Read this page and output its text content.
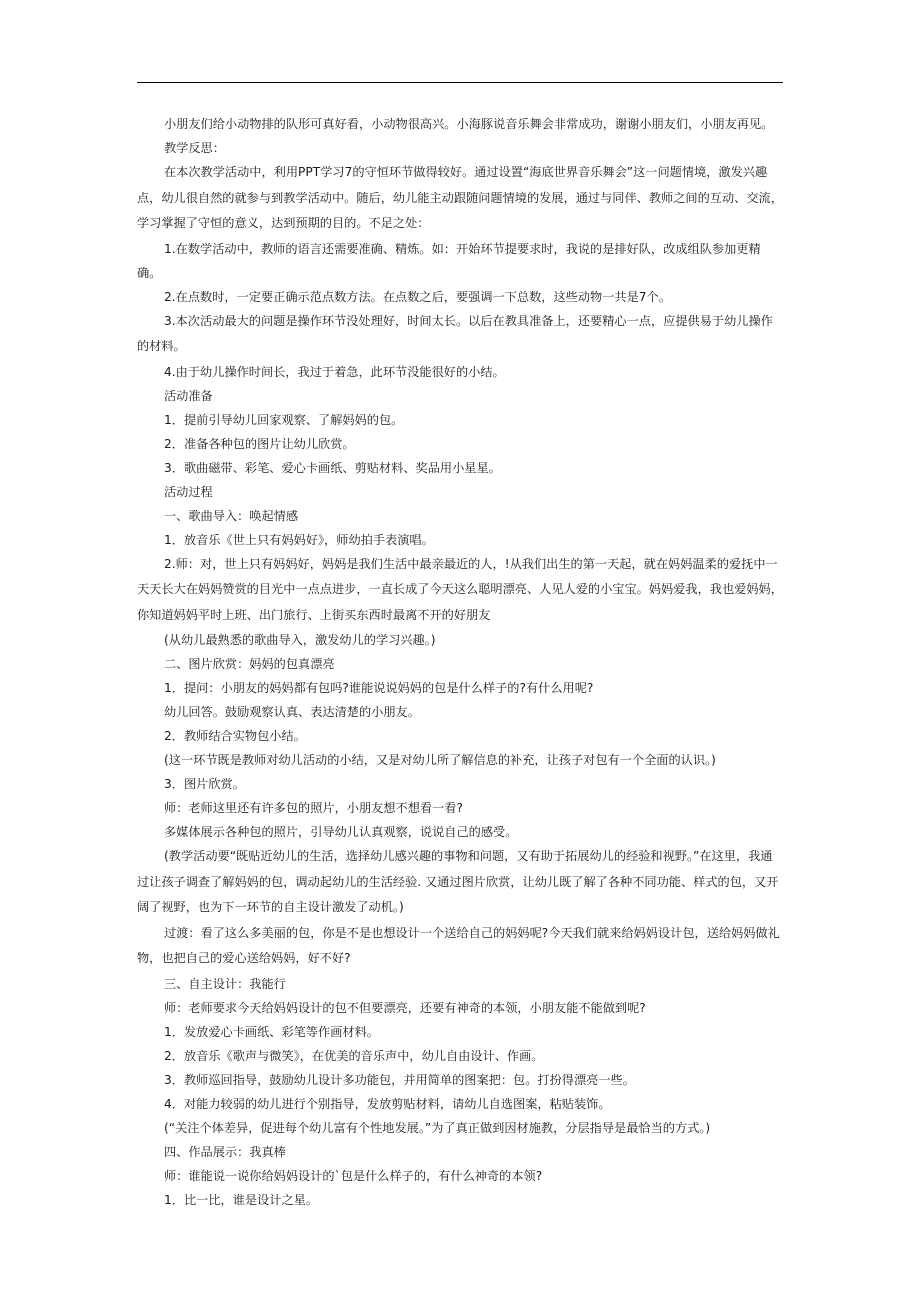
小朋友们给小动物排的队形可真好看，小动物很高兴。小海豚说音乐舞会非常成功，谢谢小朋友们，小朋友再见。

教学反思：

在本次教学活动中，利用PPT学习7的守恒环节做得较好。通过设置“海底世界音乐舞会”这一问题情境，激发兴趣点，幼儿很自然的就参与到教学活动中。随后，幼儿能主动跟随问题情境的发展，通过与同伴、教师之间的互动、交流，学习掌握了守恒的意义，达到预期的目的。不足之处：

1.在数学活动中，教师的语言还需要准确、精炼。如：开始环节提要求时，我说的是排好队，改成组队参加更精确。

2.在点数时，一定要正确示范点数方法。在点数之后，要强调一下总数，这些动物一共是7个。

3.本次活动最大的问题是操作环节没处理好，时间太长。以后在教具准备上，还要精心一点，应提供易于幼儿操作的材料。

4.由于幼儿操作时间长，我过于着急，此环节没能很好的小结。

活动准备

1．提前引导幼儿回家观察、了解妈妈的包。

2．准备各种包的图片让幼儿欣赏。

3．歌曲磁带、彩笔、爱心卡画纸、剪贴材料、奖品用小星星。

活动过程

一、歌曲导入：唤起情感

1．放音乐《世上只有妈妈好》，师幼拍手表演唱。

2.师：对，世上只有妈妈好，妈妈是我们生活中最亲最近的人，!从我们出生的第一天起，就在妈妈温柔的爱抚中一天天长大在妈妈赞赏的目光中一点点进步，一直长成了今天这么聪明漂亮、人见人爱的小宝宝。妈妈爱我，我也爱妈妈，你知道妈妈平时上班、出门旅行、上街买东西时最离不开的好朋友

(从幼儿最熟悉的歌曲导入，激发幼儿的学习兴趣。)

二、图片欣赏：妈妈的包真漂亮

1．提问：小朋友的妈妈都有包吗?谁能说说妈妈的包是什么样子的?有什么用呢?

幼儿回答。鼓励观察认真、表达清楚的小朋友。

2．教师结合实物包小结。

(这一环节既是教师对幼儿活动的小结，又是对幼儿所了解信息的补充，让孩子对包有一个全面的认识。)

3．图片欣赏。

师：老师这里还有许多包的照片，小朋友想不想看一看?

多媒体展示各种包的照片，引导幼儿认真观察，说说自己的感受。

(教学活动要“既贴近幼儿的生活，选择幼儿感兴趣的事物和问题，又有助于拓展幼儿的经验和视野。”在这里，我通过让孩子调查了解妈妈的包，调动起幼儿的生活经验. 又通过图片欣赏，让幼儿既了解了各种不同功能、样式的包，又开阔了视野，也为下一环节的自主设计激发了动机。)

过渡：看了这么多美丽的包，你是不是也想设计一个送给自己的妈妈呢?今天我们就来给妈妈设计包，送给妈妈做礼物，也把自己的爱心送给妈妈，好不好?

三、自主设计：我能行

师：老师要求今天给妈妈设计的包不但要漂亮，还要有神奇的本领，小朋友能不能做到呢?

1．发放爱心卡画纸、彩笔等作画材料。

2．放音乐《歌声与微笑》，在优美的音乐声中，幼儿自由设计、作画。

3．教师巡回指导，鼓励幼儿设计多功能包，并用简单的图案把：包。打扮得漂亮一些。

4．对能力较弱的幼儿进行个别指导，发放剪贴材料，请幼儿自选图案，粘贴装饰。

(“关注个体差异，促进每个幼儿富有个性地发展。”为了真正做到因材施教，分层指导是最恰当的方式。)

四、作品展示：我真棒

师：谁能说一说你给妈妈设计的`包是什么样子的，有什么神奇的本领?

1．比一比，谁是设计之星。
